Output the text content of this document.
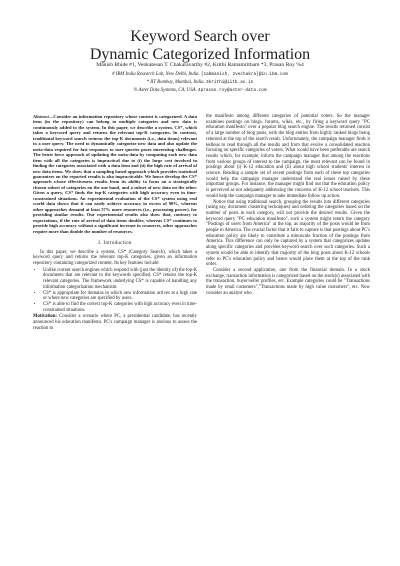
Keyword Search over
Dynamic Categorized Information
Manish Bhide #1, Venkatesan T. Chakaravarthy #2, Krithi Ramamritham *3, Prasan Roy %4
# IBM India Research Lab, New Delhi, India. {1abmanish, 2vechakra}@in.ibm.com
* IIT Bombay, Mumbai, India. 3krithi@iitb.ac.in
% Aster Data Systems, CA, USA. 4prasan.roy@aster-data.com

Abstract—Consider an information repository whose content is categorized. A data item (in the repository) can belong to multiple categories and new data is continuously added to the system. In this paper, we describe a system, CS*, which takes a keyword query and returns the relevant top-K categories. In contrast, traditional keyword search returns the top-K documents (i.e., data items) relevant to a user query. The need to dynamically categorize new data and also update the meta-data required for fast responses to user queries poses interesting challenges. The brute force approach of updating the meta-data by computing each new data item with all the categories is impractical due to (i) the large cost involved in finding the categories associated with a data item and (ii) the high rate of arrival of new data items. We show that a sampling based approach which provides statistical guarantees on the reported results is also impracticable. We hence develop the CS* approach whose effectiveness results from its ability to focus on a strategically chosen subset of categories on the one hand, and a subset of new data on the other. Given a query, CS* finds the top-K categories with high accuracy even in time-constrained situations. An experimental evaluation of the CS* system using real world data shows that it can easily achieve accuracy in excess of 90%, whereas other approaches demand at least 57% more resources (i.e., processing power). for providing similar results. Our experimental results also show that, contrary to expectations, if the rate of arrival of data items doubles, whereas CS* continues to provide high accuracy without a significant increase in resources, other approaches require more than double the number of resources.

I. Introduction

In this paper, we describe a system, CS* (Category Search), which takes a keyword query and returns the relevant top-K categories, given an information repository containing categorized content. Its key features include:

• Unlike current search engines which respond with (just the identity of) the top-K documents that are relevant to the keywords specified, CS* returns the top-K relevant categories. The framework underlying CS* is capable of handling any information categorization mechanism.
• CS* is appropriate for domains in which new information arrives at a high rate or where new categories are specified by users.
• CS* is able to find the correct top-K categories with high accuracy even in time-constrained situations.

Motivation: Consider a scenario where PC, a presidential candidate, has recently announced his education manifesto. PC's campaign manager is anxious to assess the reaction to

the manifesto among different categories of potential voters. So the manager examines postings on blogs, forums, wikis, etc., by firing a keyword query "PC education manifesto" over a popular blog search engine. The results returned consist of a large number of blog posts, with the blog entries from highly ranked blogs being returned at the top of the search result. Unfortunately, the campaign manager finds it tedious to read through all the results and from that evolve a consolidated reaction focusing on specific categories of voters. What would have been preferable are search results which, for example, inform the campaign manager that among the reactions from various groups of interest to the campaign, the most relevant can be found in postings about (i) K-12 education and (ii) about high school students' interest in science. Reading a sample set of recent postings from each of these top categories would help the campaign manager understand the real issues raised by these important groups. For instance, the manager might find out that the education policy is perceived as not adequately addressing the concerns of K-12 school teachers. This would help the campaign manager to take immediate follow up action.

Notice that using traditional search, grouping the results into different categories (using say, document clustering techniques) and ordering the categories based on the number of posts in each category, will not provide the desired results. Given the keyword query "PC education manifesto", such a system might return the category "Postings of users from America" at the top, as majority of the posts would be from people in America. The crucial factor that it fails to capture is that postings about PC's education policy are likely to constitute a minuscule fraction of the postings from America. This difference can only be captured by a system that categorizes updates along specific categories and provides keyword search over such categories. Such a system would be able to identify that majority of the blog posts about K-12 schools refer to PC's education policy and hence would place them at the top of the rank order.

Consider a second application, one from the financial domain. In a stock exchange, transaction information is categorized based on the stock(s) associated with the transaction, buyer/seller profiles, etc. Example categories could be "Transactions made by retail customers","Transactions made by high value customers", etc. Now consider an analyst who
